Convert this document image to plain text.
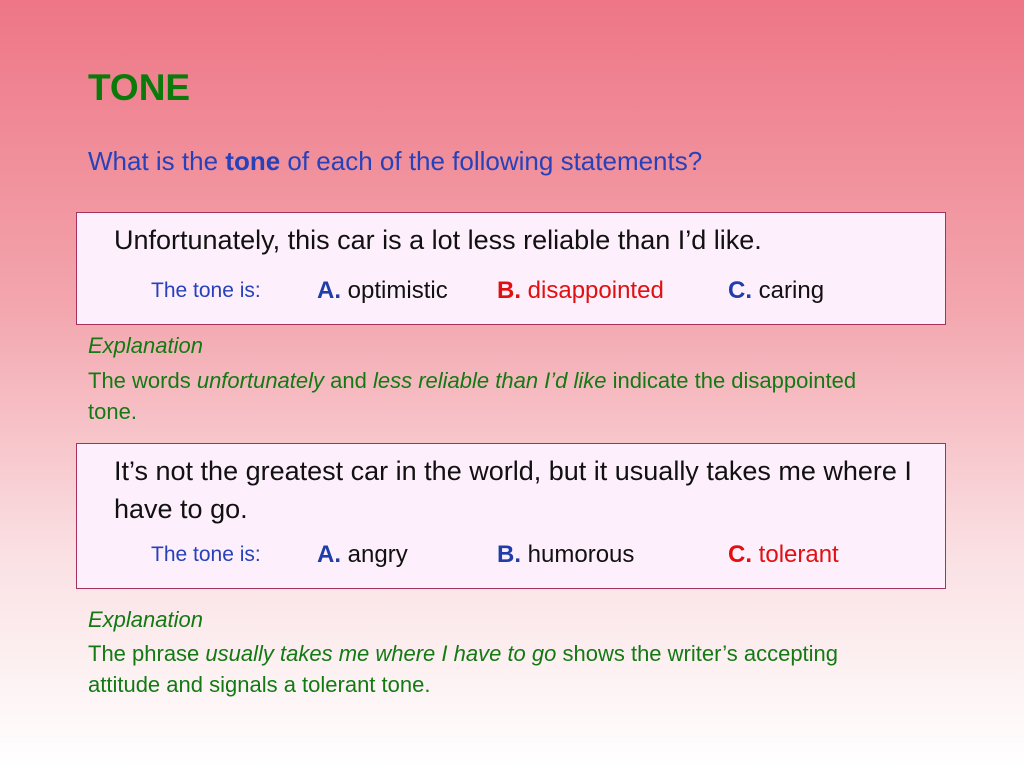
TONE
What is the tone of each of the following statements?
Unfortunately, this car is a lot less reliable than I’d like.
The tone is: A. optimistic B. disappointed	C. caring
Explanation
The words unfortunately and less reliable than I’d like indicate the disappointed tone.
It’s not the greatest car in the world, but it usually takes me where I have to go.
The tone is: A. angry	B. humorous	C. tolerant
Explanation
The phrase usually takes me where I have to go shows the writer’s accepting attitude and signals a tolerant tone.
